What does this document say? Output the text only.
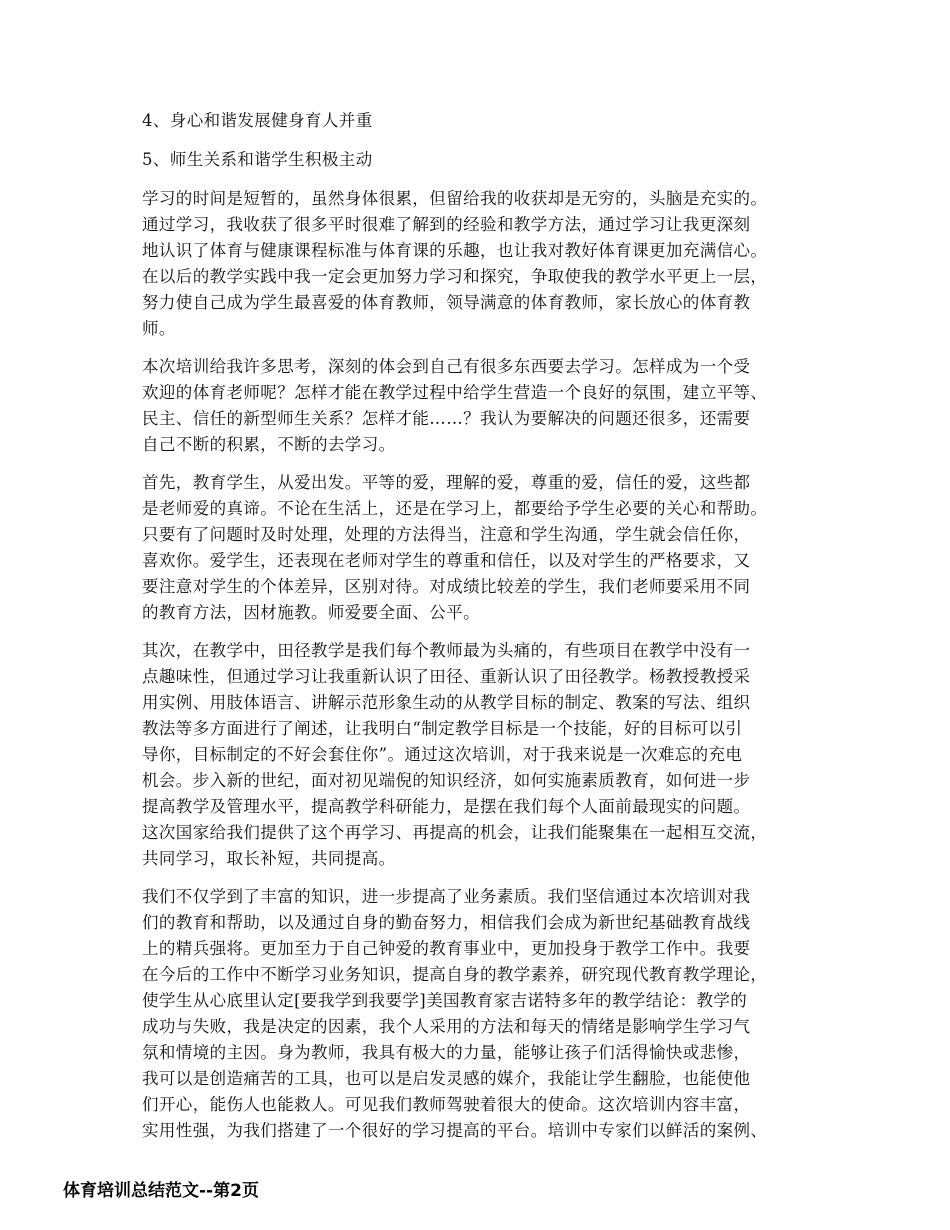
4、身心和谐发展健身育人并重
5、师生关系和谐学生积极主动
学习的时间是短暂的，虽然身体很累，但留给我的收获却是无穷的，头脑是充实的。
通过学习，我收获了很多平时很难了解到的经验和教学方法，通过学习让我更深刻
地认识了体育与健康课程标准与体育课的乐趣，也让我对教好体育课更加充满信心。
在以后的教学实践中我一定会更加努力学习和探究，争取使我的教学水平更上一层，
努力使自己成为学生最喜爱的体育教师，领导满意的体育教师，家长放心的体育教
师。
本次培训给我许多思考，深刻的体会到自己有很多东西要去学习。怎样成为一个受
欢迎的体育老师呢？怎样才能在教学过程中给学生营造一个良好的氛围，建立平等、
民主、信任的新型师生关系？怎样才能……？我认为要解决的问题还很多，还需要
自己不断的积累，不断的去学习。
首先，教育学生，从爱出发。平等的爱，理解的爱，尊重的爱，信任的爱，这些都
是老师爱的真谛。不论在生活上，还是在学习上，都要给予学生必要的关心和帮助。
只要有了问题时及时处理，处理的方法得当，注意和学生沟通，学生就会信任你，
喜欢你。爱学生，还表现在老师对学生的尊重和信任，以及对学生的严格要求，又
要注意对学生的个体差异，区别对待。对成绩比较差的学生，我们老师要采用不同
的教育方法，因材施教。师爱要全面、公平。
其次，在教学中，田径教学是我们每个教师最为头痛的，有些项目在教学中没有一
点趣味性，但通过学习让我重新认识了田径、重新认识了田径教学。杨教授教授采
用实例、用肢体语言、讲解示范形象生动的从教学目标的制定、教案的写法、组织
教法等多方面进行了阐述，让我明白“制定教学目标是一个技能，好的目标可以引
导你，目标制定的不好会套住你”。通过这次培训，对于我来说是一次难忘的充电
机会。步入新的世纪，面对初见端倪的知识经济，如何实施素质教育，如何进一步
提高教学及管理水平，提高教学科研能力，是摆在我们每个人面前最现实的问题。
这次国家给我们提供了这个再学习、再提高的机会，让我们能聚集在一起相互交流，
共同学习，取长补短，共同提高。
我们不仅学到了丰富的知识，进一步提高了业务素质。我们坚信通过本次培训对我
们的教育和帮助，以及通过自身的勤奋努力，相信我们会成为新世纪基础教育战线
上的精兵强将。更加至力于自己钟爱的教育事业中，更加投身于教学工作中。我要
在今后的工作中不断学习业务知识，提高自身的教学素养，研究现代教育教学理论，
使学生从心底里认定[要我学到我要学]美国教育家吉诺特多年的教学结论：教学的
成功与失败，我是决定的因素，我个人采用的方法和每天的情绪是影响学生学习气
氛和情境的主因。身为教师，我具有极大的力量，能够让孩子们活得愉快或悲惨，
我可以是创造痛苦的工具，也可以是启发灵感的媒介，我能让学生翻脸，也能使他
们开心，能伤人也能救人。可见我们教师驾驶着很大的使命。这次培训内容丰富，
实用性强，为我们搭建了一个很好的学习提高的平台。培训中专家们以鲜活的案例、
体育培训总结范文--第2页
